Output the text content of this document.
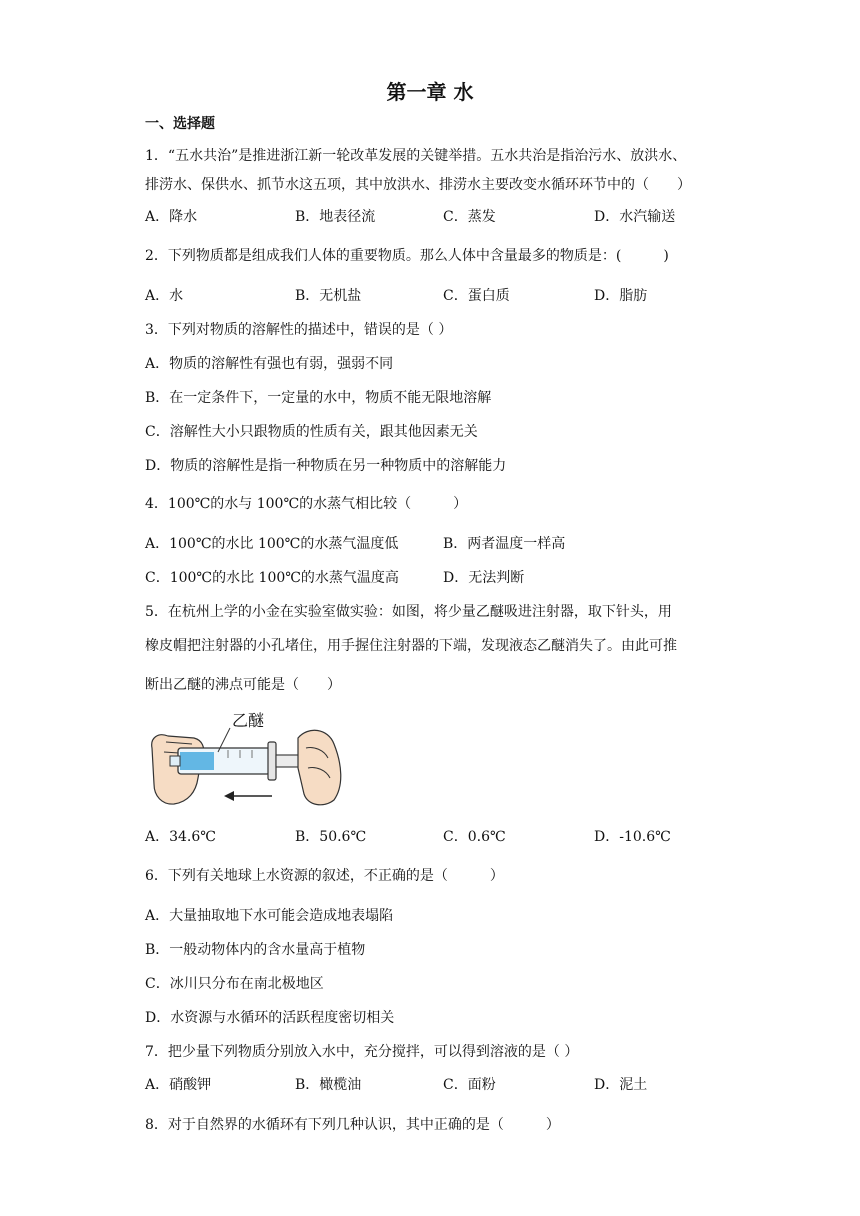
第一章 水
一、选择题
1．“五水共治”是推进浙江新一轮改革发展的关键举措。五水共治是指治污水、放洪水、
排涝水、保供水、抓节水这五项，其中放洪水、排涝水主要改变水循环环节中的（　　）
A．降水	B．地表径流	C．蒸发	D．水汽输送
2．下列物质都是组成我们人体的重要物质。那么人体中含量最多的物质是：(　　　)
A．水	B．无机盐	C．蛋白质	D．脂肪
3．下列对物质的溶解性的描述中，错误的是（ ）
A．物质的溶解性有强也有弱，强弱不同
B．在一定条件下，一定量的水中，物质不能无限地溶解
C．溶解性大小只跟物质的性质有关，跟其他因素无关
D．物质的溶解性是指一种物质在另一种物质中的溶解能力
4．100℃的水与 100℃的水蒸气相比较（　　　）
A．100℃的水比 100℃的水蒸气温度低	B．两者温度一样高
C．100℃的水比 100℃的水蒸气温度高	D．无法判断
5．在杭州上学的小金在实验室做实验：如图，将少量乙醚吸进注射器，取下针头，用
橡皮帽把注射器的小孔堵住，用手握住注射器的下端，发现液态乙醚消失了。由此可推
断出乙醚的沸点可能是（　　）
乙醚
A．34.6℃	B．50.6℃	C．0.6℃	D．-10.6℃
6．下列有关地球上水资源的叙述，不正确的是（　　　）
A．大量抽取地下水可能会造成地表塌陷
B．一般动物体内的含水量高于植物
C．冰川只分布在南北极地区
D．水资源与水循环的活跃程度密切相关
7．把少量下列物质分别放入水中，充分搅拌，可以得到溶液的是（ ）
A．硝酸钾	B．橄榄油	C．面粉	D．泥土
8．对于自然界的水循环有下列几种认识，其中正确的是（　　　）
